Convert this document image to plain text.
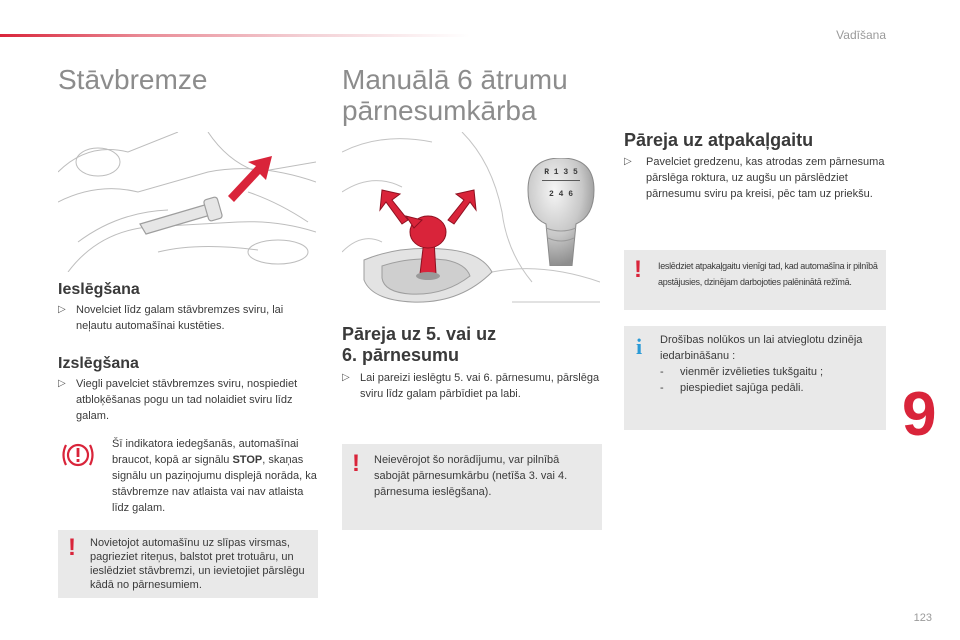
Vadīšana
Stāvbremze
Ieslēgšana
▷ Novelciet līdz galam stāvbremzes sviru, lai neļautu automašīnai kustēties.
Izslēgšana
▷ Viegli pavelciet stāvbremzes sviru, nospiediet atbloķēšanas pogu un tad nolaidiet sviru līdz galam.
Šī indikatora iedegšanās, automašīnai braucot, kopā ar signālu STOP, skaņas signālu un paziņojumu displejā norāda, ka stāvbremze nav atlaista vai nav atlaista līdz galam.
! Novietojot automašīnu uz slīpas virsmas, pagrieziet riteņus, balstot pret trotuāru, un ieslēdziet stāvbremzi, un ievietojiet pārslēgu kādā no pārnesumiem.
Manuālā 6 ātrumu
pārnesumkārba
R 1 3 5
2 4 6
Pāreja uz 5. vai uz
6. pārnesumu
▷ Lai pareizi ieslēgtu 5. vai 6. pārnesumu, pārslēga sviru līdz galam pārbīdiet pa labi.
! Neievērojot šo norādījumu, var pilnībā sabojāt pārnesumkārbu (netīša 3. vai 4. pārnesuma ieslēgšana).
Pāreja uz atpakaļgaitu
▷	Pavelciet gredzenu, kas atrodas zem pārnesuma pārslēga roktura, uz augšu un pārslēdziet pārnesumu sviru pa kreisi, pēc tam uz priekšu.
! Ieslēdziet atpakaļgaitu vienīgi tad, kad automašīna ir pilnībā apstājusies, dzinējam darbojoties palēninātā režīmā.
i Drošības nolūkos un lai atvieglotu dzinēja iedarbināšanu :
- vienmēr izvēlieties tukšgaitu ;
- piespiediet sajūga pedāli.	9
123
